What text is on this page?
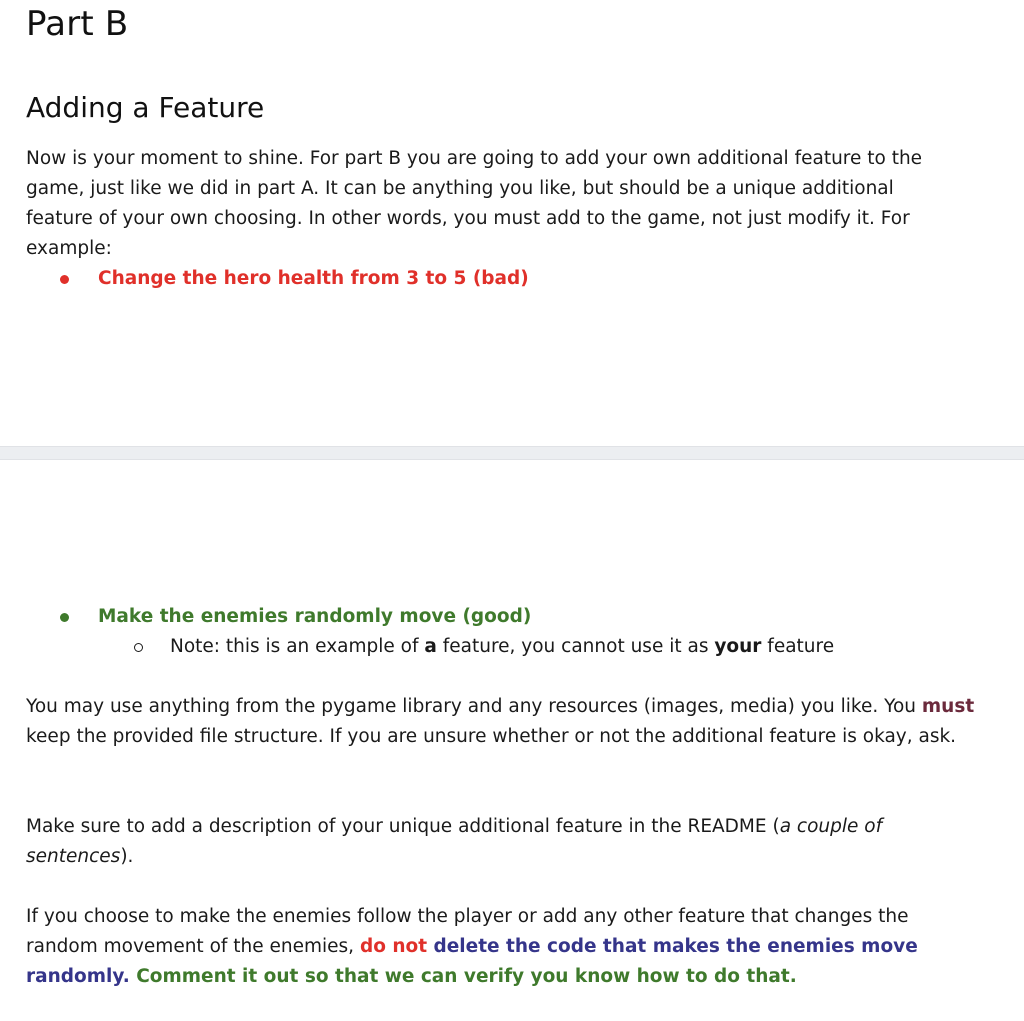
Part B
Adding a Feature

Now is your moment to shine. For part B you are going to add your own additional feature to the game, just like we did in part A. It can be anything you like, but should be a unique additional feature of your own choosing. In other words, you must add to the game, not just modify it. For example:

Change the hero health from 3 to 5 (bad)
Make the enemies randomly move (good)
Note: this is an example of a feature, you cannot use it as your feature

You may use anything from the pygame library and any resources (images, media) you like. You must keep the provided file structure. If you are unsure whether or not the additional feature is okay, ask.

Make sure to add a description of your unique additional feature in the README (a couple of sentences).

If you choose to make the enemies follow the player or add any other feature that changes the random movement of the enemies, do not delete the code that makes the enemies move randomly. Comment it out so that we can verify you know how to do that.
